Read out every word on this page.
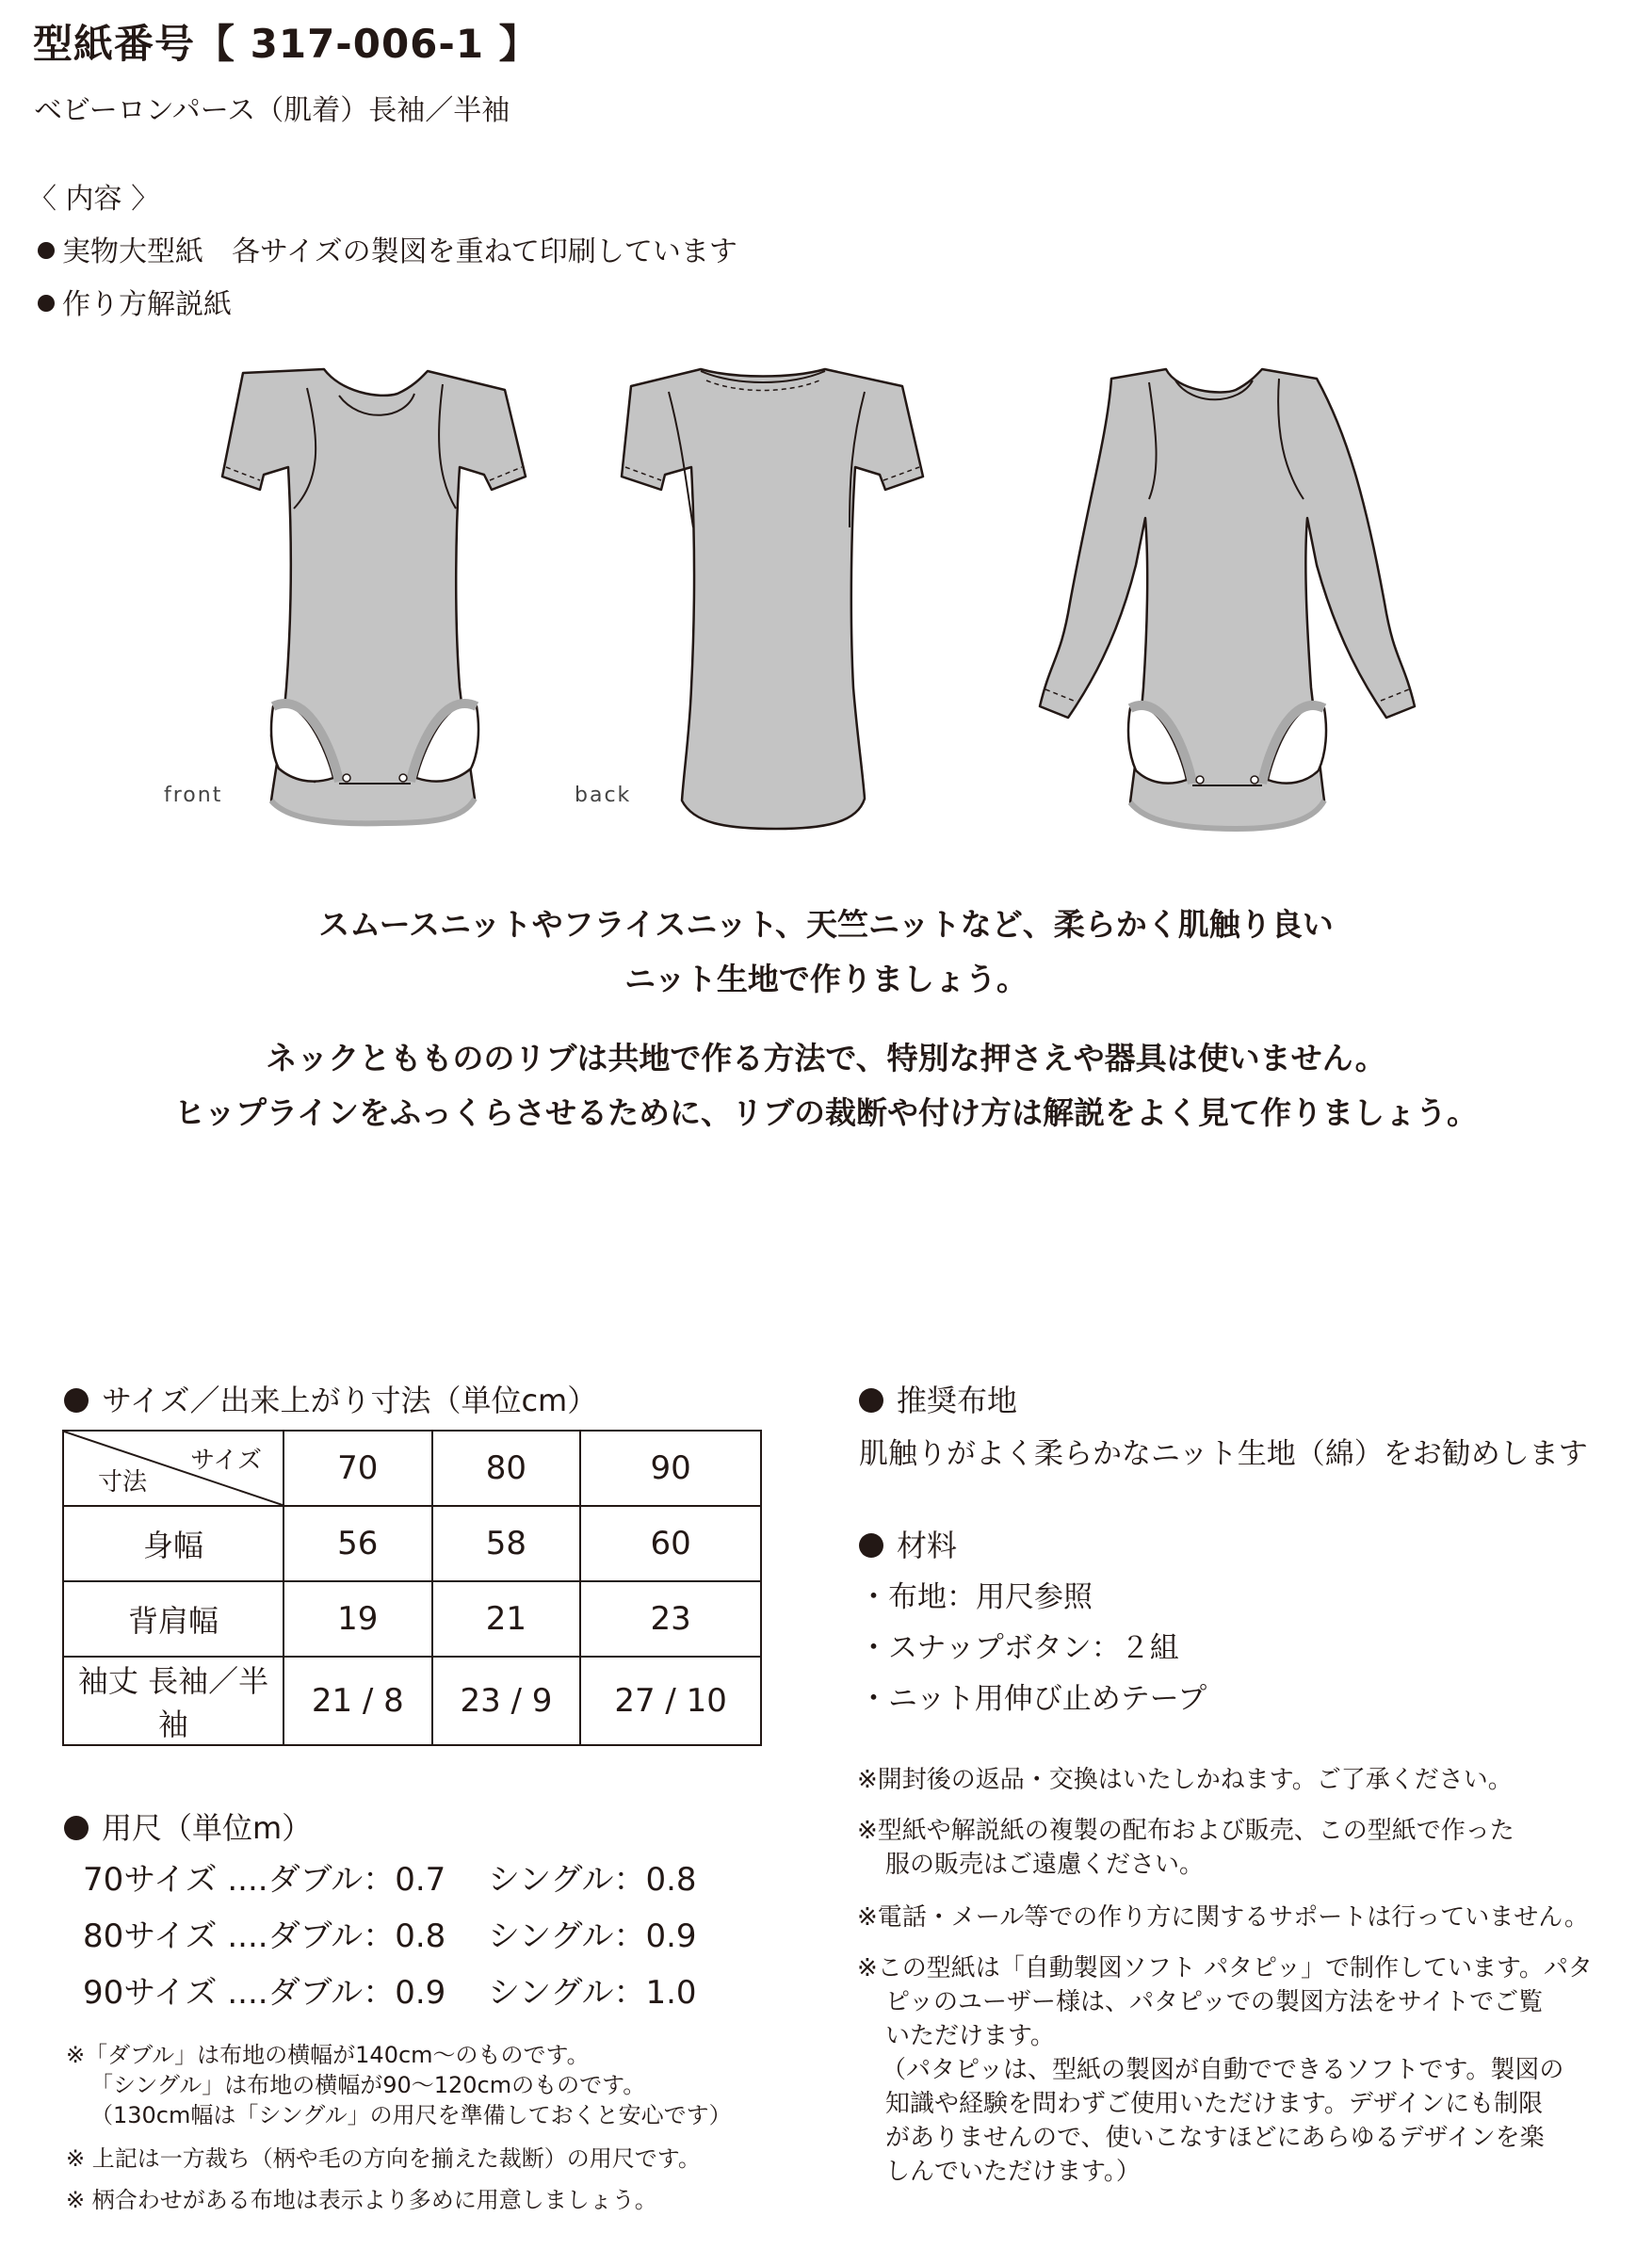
型紙番号【 317-006-1 】
ベビーロンパース（肌着）長袖／半袖
〈 内容 〉
実物大型紙　各サイズの製図を重ねて印刷しています
作り方解説紙
front	back
スムースニットやフライスニット、天竺ニットなど、柔らかく肌触り良い
ニット生地で作りましょう。
ネックとももののリブは共地で作る方法で、特別な押さえや器具は使いません。
ヒップラインをふっくらさせるために、リブの裁断や付け方は解説をよく見て作りましょう。
サイズ／出来上がり寸法（単位cm）
サイズ
寸法	70	80	90
身幅	56	58	60
背肩幅	19	21	23
袖丈 長袖／半袖	21 / 8	23 / 9	27 / 10
用尺（単位m）
70サイズ ....ダブル：0.7 シングル：0.8
80サイズ ....ダブル：0.8 シングル：0.9
90サイズ ....ダブル：0.9 シングル：1.0
※「ダブル」は布地の横幅が140cm〜のものです。
「シングル」は布地の横幅が90〜120cmのものです。
（130cm幅は「シングル」の用尺を準備しておくと安心です）
※ 上記は一方裁ち（柄や毛の方向を揃えた裁断）の用尺です。
※ 柄合わせがある布地は表示より多めに用意しましょう。
推奨布地
肌触りがよく柔らかなニット生地（綿）をお勧めします
材料
・布地：用尺参照
・スナップボタン：２組
・ニット用伸び止めテープ
※開封後の返品・交換はいたしかねます。ご了承ください。
※型紙や解説紙の複製の配布および販売、この型紙で作った
服の販売はご遠慮ください。
※電話・メール等での作り方に関するサポートは行っていません。
※この型紙は「自動製図ソフト パタピッ」で制作しています。パタ
ピッのユーザー様は、パタピッでの製図方法をサイトでご覧
いただけます。
（パタピッは、型紙の製図が自動でできるソフトです。製図の
知識や経験を問わずご使用いただけます。デザインにも制限
がありませんので、使いこなすほどにあらゆるデザインを楽
しんでいただけます。）
